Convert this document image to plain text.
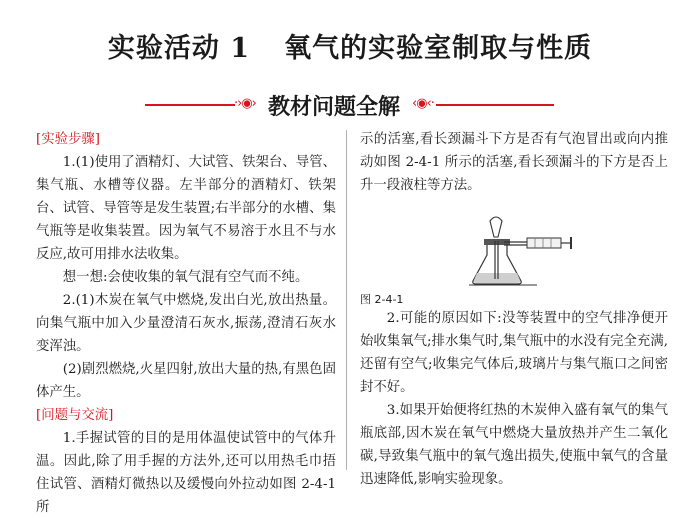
实验活动 1 氧气的实验室制取与性质
·›◉› 教材问题全解 ‹◉‹·

[实验步骤]

1.(1)使用了酒精灯、大试管、铁架台、导管、集气瓶、水槽等仪器。左半部分的酒精灯、铁架台、试管、导管等是发生装置;右半部分的水槽、集气瓶等是收集装置。因为氧气不易溶于水且不与水反应,故可用排水法收集。

想一想:会使收集的氧气混有空气而不纯。

2.(1)木炭在氧气中燃烧,发出白光,放出热量。向集气瓶中加入少量澄清石灰水,振荡,澄清石灰水变浑浊。

(2)剧烈燃烧,火星四射,放出大量的热,有黑色固体产生。

[问题与交流]

1.手握试管的目的是用体温使试管中的气体升温。因此,除了用手握的方法外,还可以用热毛巾捂住试管、酒精灯微热以及缓慢向外拉动如图 2-4-1 所

示的活塞,看长颈漏斗下方是否有气泡冒出或向内推动如图 2-4-1 所示的活塞,看长颈漏斗的下方是否上升一段液柱等方法。

图 2-4-1

2.可能的原因如下:没等装置中的空气排净便开始收集氧气;排水集气时,集气瓶中的水没有完全充满,还留有空气;收集完气体后,玻璃片与集气瓶口之间密封不好。

3.如果开始便将红热的木炭伸入盛有氧气的集气瓶底部,因木炭在氧气中燃烧大量放热并产生二氧化碳,导致集气瓶中的氧气逸出损失,使瓶中氧气的含量迅速降低,影响实验现象。
